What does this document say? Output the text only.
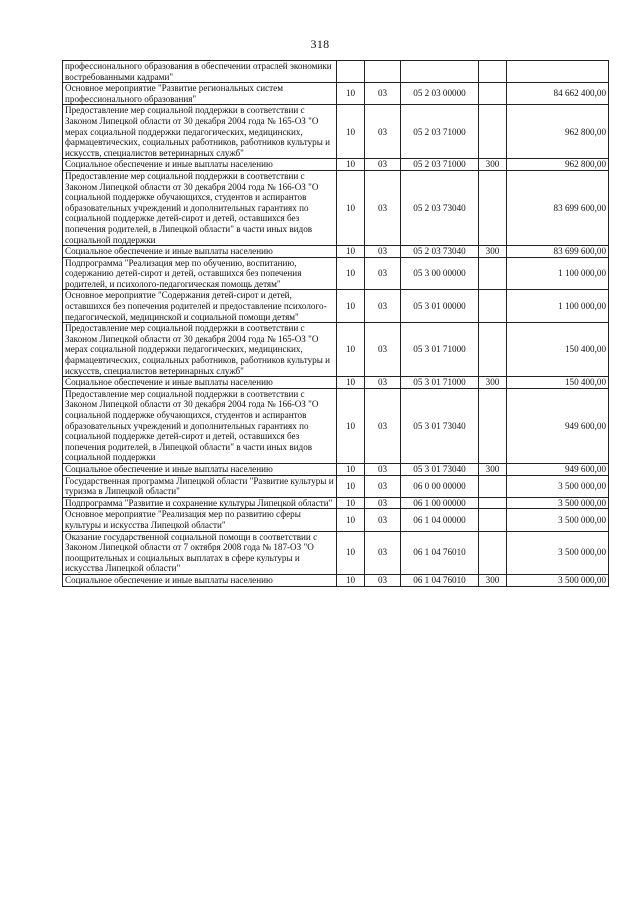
318
профессионального образования в обеспечении отраслей экономики востребованными кадрами"					
Основное мероприятие "Развитие региональных систем профессионального образования"	10	03	05 2 03 00000		84 662 400,00
Предоставление мер социальной поддержки в соответствии с Законом Липецкой области от 30 декабря 2004 года № 165-ОЗ "О мерах социальной поддержки педагогических, медицинских, фармацевтических, социальных работников, работников культуры и искусств, специалистов ветеринарных служб"	10	03	05 2 03 71000		962 800,00
Социальное обеспечение и иные выплаты населению	10	03	05 2 03 71000	300	962 800,00
Предоставление мер социальной поддержки в соответствии с Законом Липецкой области от 30 декабря 2004 года № 166-ОЗ "О социальной поддержке обучающихся, студентов и аспирантов образовательных учреждений и дополнительных гарантиях по социальной поддержке детей-сирот и детей, оставшихся без попечения родителей, в Липецкой области" в части иных видов социальной поддержки	10	03	05 2 03 73040		83 699 600,00
Социальное обеспечение и иные выплаты населению	10	03	05 2 03 73040	300	83 699 600,00
Подпрограмма "Реализация мер по обучению, воспитанию, содержанию детей-сирот и детей, оставшихся без попечения родителей, и психолого-педагогическая помощь детям"	10	03	05 3 00 00000		1 100 000,00
Основное мероприятие "Содержания детей-сирот и детей, оставшихся без попечения родителей и предоставление психолого-педагогической, медицинской и социальной помощи детям"	10	03	05 3 01 00000		1 100 000,00
Предоставление мер социальной поддержки в соответствии с Законом Липецкой области от 30 декабря 2004 года № 165-ОЗ "О мерах социальной поддержки педагогических, медицинских, фармацевтических, социальных работников, работников культуры и искусств, специалистов ветеринарных служб"	10	03	05 3 01 71000		150 400,00
Социальное обеспечение и иные выплаты населению	10	03	05 3 01 71000	300	150 400,00
Предоставление мер социальной поддержки в соответствии с Законом Липецкой области от 30 декабря 2004 года № 166-ОЗ "О социальной поддержке обучающихся, студентов и аспирантов образовательных учреждений и дополнительных гарантиях по социальной поддержке детей-сирот и детей, оставшихся без попечения родителей, в Липецкой области" в части иных видов социальной поддержки	10	03	05 3 01 73040		949 600,00
Социальное обеспечение и иные выплаты населению	10	03	05 3 01 73040	300	949 600,00
Государственная программа Липецкой области "Развитие культуры и туризма в Липецкой области"	10	03	06 0 00 00000		3 500 000,00
Подпрограмма "Развитие и сохранение культуры Липецкой области"	10	03	06 1 00 00000		3 500 000,00
Основное мероприятие "Реализация мер по развитию сферы культуры и искусства Липецкой области"	10	03	06 1 04 00000		3 500 000,00
Оказание государственной социальной помощи в соответствии с Законом Липецкой области от 7 октября 2008 года № 187-ОЗ "О поощрительных и социальных выплатах в сфере культуры и искусства Липецкой области"	10	03	06 1 04 76010		3 500 000,00
Социальное обеспечение и иные выплаты населению	10	03	06 1 04 76010	300	3 500 000,00
